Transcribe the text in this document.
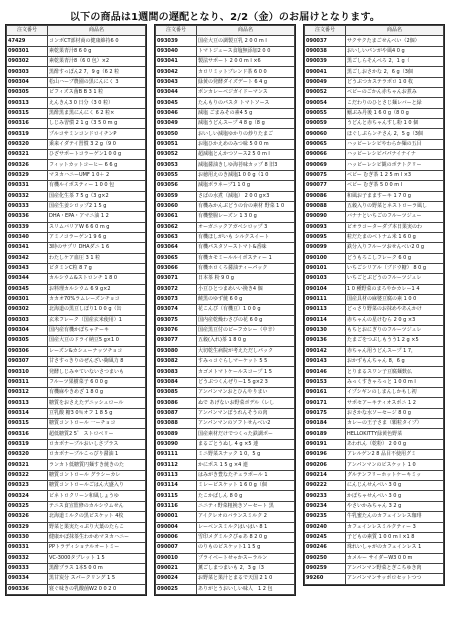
以下の商品は1週間の遅配となり、2/2（金）のお届けとなります。
注文番号	商品名
47429	コンボCT部材商の健康維持6 0
090301	素乾果青汁8 6 0 g
090302	素乾果青汁8（6 0 包）×2
090303	黒酢すっぽん2 7，9 g（6 2 粒
090304	松山ハーブ農園の黒にんにく 3
090305	ビフィズス菌B B 3 1 粒
090313	えんきん3 0 日分（3 0 粒）
090315	黒酢黒ま黒にんにく 6 2 粒×
090316	しじみ習慣 2 1 g（3 5 0 m g
090319	プルコサミンコンドロイチンP
090320	乗来イダテイ習慣 3 2 g（9 0
090321	ひざサポートコラーゲン1 0 0 g
090326	フィットカットコーヒー 6 6 g
090329	マヌカハニーUMF 1 0＋ 2
090331	有機ルイボスティー 1 0 0 包
090332	国産化生茶 7 5 g（3 g×2
090333	国産生姜シロップ2 1 5 g
090336	DHA・EPA・アマニ油 1 2
090339	スリムバリアW 6 6 0 m g
090340	アミノコラーゲン1 9 6 g
090341	3時のサプリ DHAダニ 1 6
090342	わたしケア血圧 3 1 粒
090343	ビタミンC粒 8 7 g
090344	カルシウム&ストロンチ 1 8 0
090345	お料理カルシウム 6 9 g×2
090301	カカオ70%ラムレーズンチョコ
090302	北海道の黒豆しぼり1 0 0 g（缶
090303	玄米フレーク（国産玄米使用）1
090304	国内産有機かぼちゃチーキ
090305	国産大豆のドライ納豆5 g×1 0
090306	レーズン&カシューナッツチョコ
090307	甘さすっきりのぜんざい麹風力 8
090310	発酵しじみ＊ていないさつまいも
090311	フルーツ果樹菜子 6 0 0 g
090312	有機麻やきめざ 1 8 0 g
090313	糖質をおさえたデニッシュロール
090314	豆乳酸 糖3 0％オフ 1 8 5 g
090315	糖質コントロール 一ーチョコ
090316	超低糖質2 5゜ ストロベリー
090319	ロカボナーブルおいしさプラス
090320	ロカボナーブルこっぴり醤油 1
090321	ランカト低糖質円麺すき焼きのた
090322	糖質コントロール グラシーカレ
090323	糖質コントロールごはん大盛入り
090324	ビネトロクリーン和風しょうゆ
090325	テニス食宣監修のカルシウムせん
090326	北海道ミルクの黒ビスケット 4枚
090329	野菜と果実たっぷり大葉のたらこ
090330	健康かぼ抹茶生わかめマヌカハニー
090331	PPトラディショナルオートミー
090332	VC-3000タブレット 1 5
090333	黒酢プラス 1本5 0 0 m
090334	黒甘炭分 スパークリング 1 5
090336	寝ぐ味きの乳酸菌W2 0 0 2 0
注文番号	商品名
093039	国産大豆の調製豆乳 2 0 0 m l
093040	トマトジュース食塩無添加2 0 0
093041	製法サポート 2 0 0 m l ×6
093042	カロリミットブレンド茶 6 0 0
093043	緑黄の発酵ダイズデート 6 4 g
093044	ボンカレーベジガイドーマンス
093045	たんもりのパスタ トマトソース
093046	減塩 ごまみその素4 5 g
093049	減塩うどんスープ 4 8 g（8 g
093050	おいしい減塩ゆかりの炒りたまご
093051	お塩ひかえめのみつ味 5 0 0 m
093052	超減塩とんかつソース2 5 0 m l
093053	減塩醤油きしゆ海苔味カップ 8 旧3
093055	お徳用えのき減塩1 0 0 g（1 0
093056	減塩ボラネーブ1 1 0 g
093059	さばの水煮（減塩） 2 0 0 g×3
093060	有機みかんぶどうの台の素材 野菜 1 0
093061	有機整腸レーズン 1 3 0 g
093062	オーガニックアガベシロップ 3
093063	有機ほしがいも シルクスイート
093064	有機パスタソーストマト&香味
093065	有機カモミールルイボスティー 1
093066	有機ホロくろ醤油ティーパック
093071	日本茶 粉 9 0 g
093072	小豆ひとつまめいい挽き4 個
093073	饒黒のゆず焼 6 0 g
093074	花こんぴ（有機豆）1 0 0 g
093075	国内産乾燥わさびの花 6 0 g
093076	国産黒豆付のビーフカレー（中辛）
093077	五穀(入れ)茶 1 8 0 g
093080	大切乾生病院が考えただしパック
093082	すみっコぐらしマーケット 5 5
093083	カゴメトマトケールスコープ 1 5
093084	どうぶつくんぜりー1 5 g×2 3
093085	アンパンマンおとひんやりまい
093086	ぬで あげないお野菜ボデル（レし
093087	アンパンマンぼうれんそうの肉
093088	アンパンマンのソフトせんべい2
093089	国産素材だけでつくった鉄調ボー
093090	まるごとうぬし 4 g ×5 連
093111	ミニ野菜スナック 1 0，5 g
093112	かにポス 1 5 g ×4 連
093113	はみがき豊なたチュラポール 1
093114	ミレービスケット 1 6 0 g（個
093115	たこかばしん 8 0 g
093116	ニニティ野菜粗挽きソーセート 黒
090001	アイクレオのバランスミルク 2
090004	レーベンスミルクはいはい 8 1
090006	雪印メグミルクぴゅあ 8 2 0 g
090007	のりものビスケット1 1 5 g
090010	プライベートせゃかスーラルン
090021	薫ごしまつまいも 2，3 g（3
090024	お野菜と果汁とまるで天国 2 1 0
090025	ありがとうおいしい味人　1 2 包
注文番号	商品名
090037	サクサクたまごせんべい（2個）
090038	おいしいパンがや風4 0 g
090039	黒ごしらそんぺろ 2，1 g（
090041	黒ごしおさかな 2，6 g（3個
090049	どうぶつカステラボロ 1 0 枚
090052	ベビーのごかん赤ちゃんお煮み
090054	こだわりのひとさじ麺レバーと緑
090055	鰯ぶみ丹後 1 6 0 g（8 0 g
090059	うどんと赤ちゃんすし粉 1 0 個
090060	ほぐしぷらンチさん 2，5 g（3個
090065	ハッピーレシピやわらか麺の五目
090066	ハッピーレシピパパナイナイナ
090069	ハッピーレシピ観のポテトクリー
090075	ベビー むぎ茶 1 2 5 m l ×3
090077	ベビー むぎ茶 5 0 0 m l
090086	和風お子まますーキ 1 7 0 g
090088	五穀入りの野菜とネストローラ風し
090090	バナナといちごのフルーツジュー
090093	ビオラコーターダブ本日果実のわ
090095	粒だたまのベトナム米 1 6 0 g
090099	鉄分入りフルーツおせんべい2 0 g
090100	どうもろこしフレーク 6 0 g
090101	いちごシリアル（ブドウ糖） 8 0 g
090103	いちごとぶどうのフルーツジュレ
090104	1 0 種野菜のまろやかカレー1 4
090111	国産具材の麻婆豆腐の素 1 0 0
090113	どっさり野菜のお抹めやあんかけ
090114	赤ちゃんの星けむら 2 0 g ×3
090130	もちとおにぎりのフルーツジュレ
090136	たまごをつぶしもうう1 2 g ×5
090142	赤ちゃん用うどんスープ 1 7，
090143	おかずもんちゃん 8，6 g
090146	とりまるスワン子豆腐麺麩仏
090153	みっくすきゃろっと 1 0 0 m l
090161	イプシギンのしまんしかもし初
090171	サポセアーキティオスポニ 1 2
090175	おさかな水ソーセージ 8 0 g
090184	カレーの王子さま（顆粒タイプ）
090189	HELLOKITTY緑黄色野菜
090191	あわれん（乾粉） 2 0 0 g
090196	アレルゲン2 8 品目不使用グミ
090206	アンパンマンのビスケット 1 0
090214	グルテンフリーホットケーキミッ
090222	にんじんせんべい 3 0 g
090233	かぼちゃせんべい 3 0 g
090234	やさいかみちゃん 3 2 g
090235	牛乳蜜たんのカフェインレス珈琲
090240	カフェインレスミルクティー 3
090245	子どもの素質 1 0 0 m l ×1 8
090246	珠れいしゃがのカフェインレス 1
090250	カメルー サイダーW3 0 0 m
090259	アンパンマン野菜とぎこちゆき肉
99260	アンパンマンサッポロセットつつ
